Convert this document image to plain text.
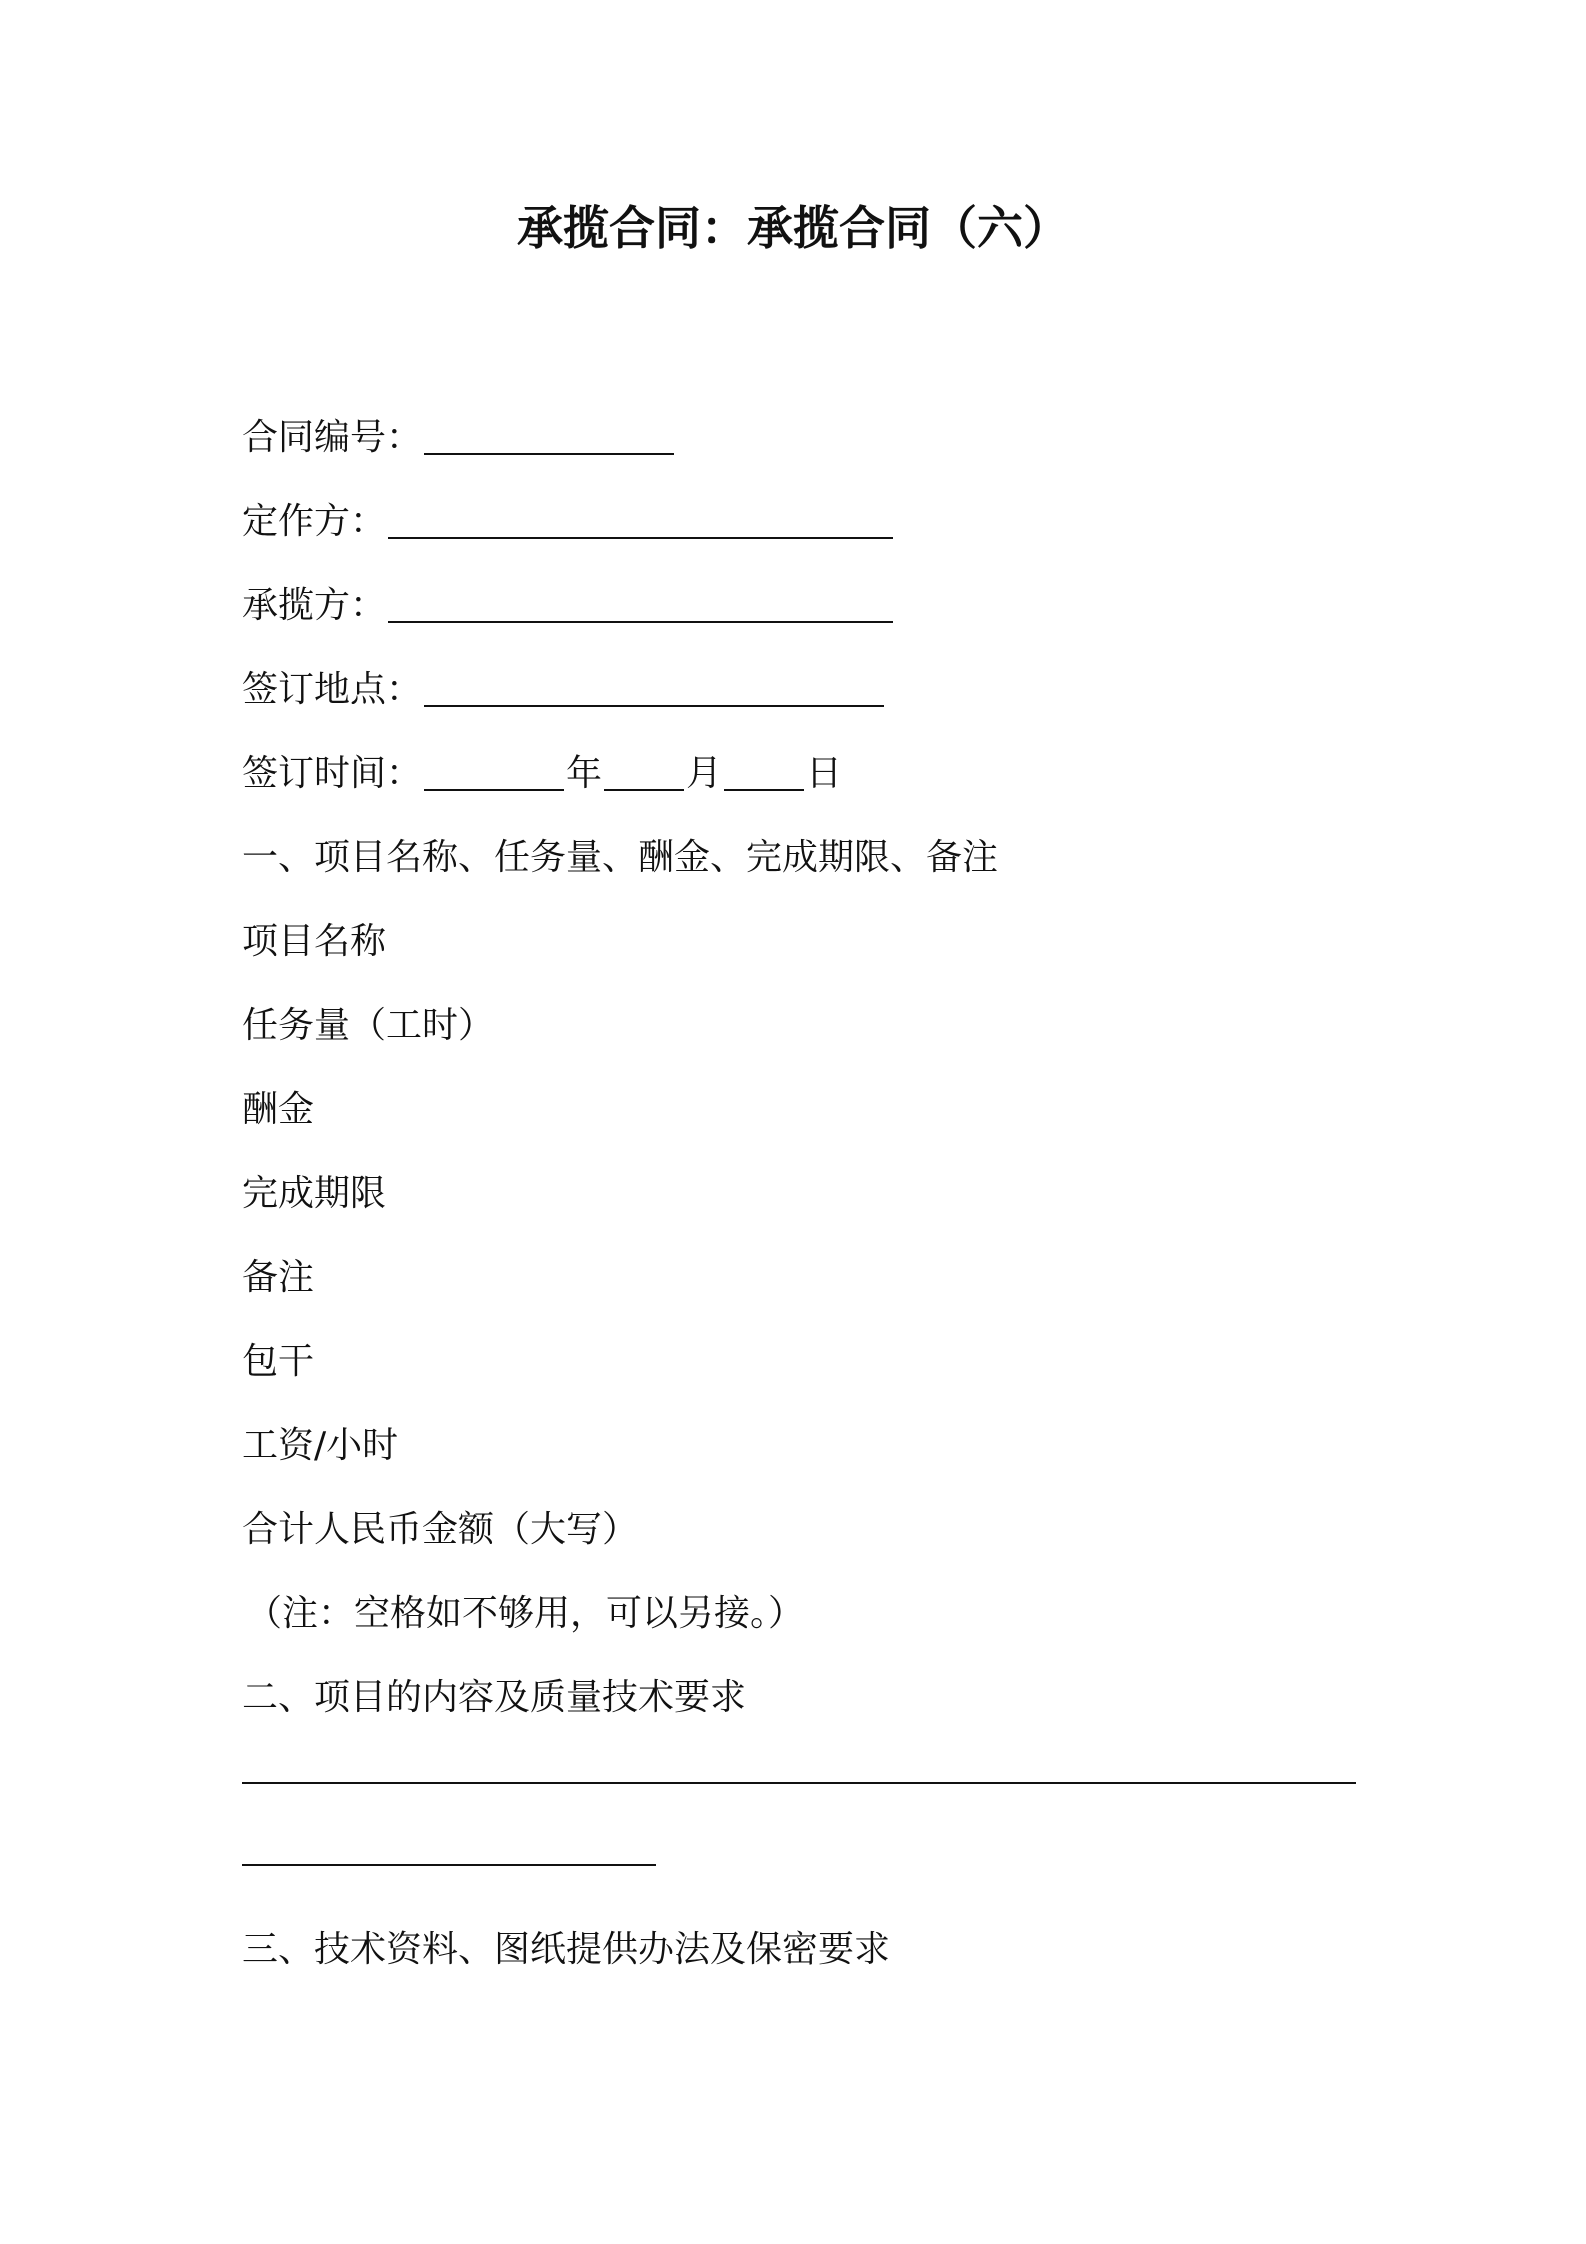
承揽合同：承揽合同（六）
合同编号：
定作方：
承揽方：
签订地点：
签订时间：	年 月 日
一、项目名称、任务量、酬金、完成期限、备注
项目名称
任务量（工时）
酬金
完成期限
备注
包干
工资/小时
合计人民币金额（大写）
（注：空格如不够用，可以另接。）
二、项目的内容及质量技术要求
三、技术资料、图纸提供办法及保密要求
